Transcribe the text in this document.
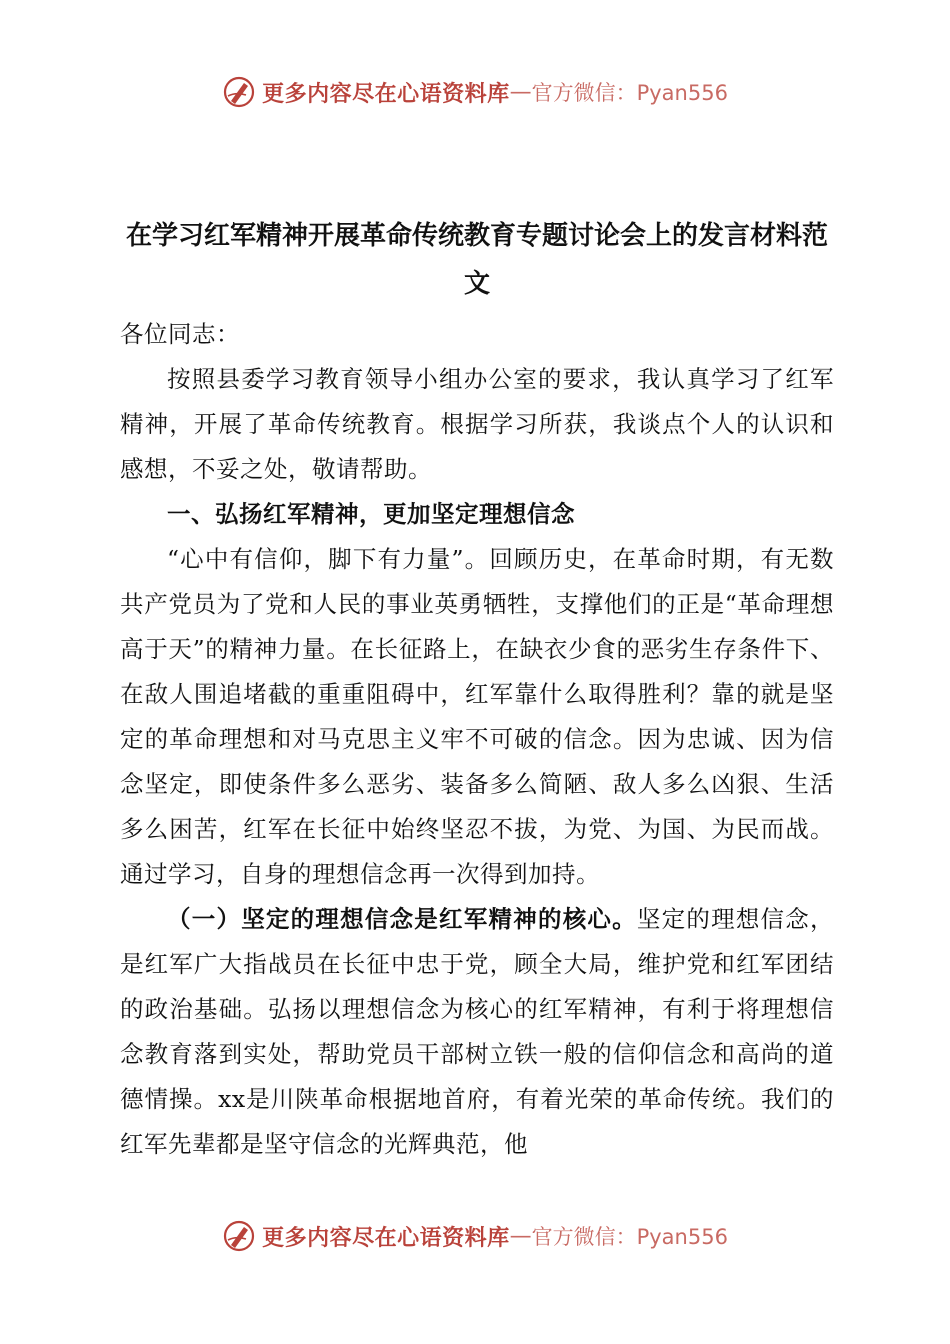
更多内容尽在心语资料库 — 官方微信：Pyan556
在学习红军精神开展革命传统教育专题讨论会上的发言材料范文

各位同志：

按照县委学习教育领导小组办公室的要求，我认真学习了红军精神，开展了革命传统教育。根据学习所获，我谈点个人的认识和感想，不妥之处，敬请帮助。

一、弘扬红军精神，更加坚定理想信念

“心中有信仰，脚下有力量”。回顾历史，在革命时期，有无数共产党员为了党和人民的事业英勇牺牲，支撑他们的正是“革命理想高于天”的精神力量。在长征路上，在缺衣少食的恶劣生存条件下、在敌人围追堵截的重重阻碍中，红军靠什么取得胜利？靠的就是坚定的革命理想和对马克思主义牢不可破的信念。因为忠诚、因为信念坚定，即使条件多么恶劣、装备多么简陋、敌人多么凶狠、生活多么困苦，红军在长征中始终坚忍不拔，为党、为国、为民而战。通过学习，自身的理想信念再一次得到加持。

（一）坚定的理想信念是红军精神的核心。坚定的理想信念，是红军广大指战员在长征中忠于党，顾全大局，维护党和红军团结的政治基础。弘扬以理想信念为核心的红军精神，有利于将理想信念教育落到实处，帮助党员干部树立铁一般的信仰信念和高尚的道德情操。xx是川陕革命根据地首府，有着光荣的革命传统。我们的红军先辈都是坚守信念的光辉典范，他

更多内容尽在心语资料库 — 官方微信：Pyan556
